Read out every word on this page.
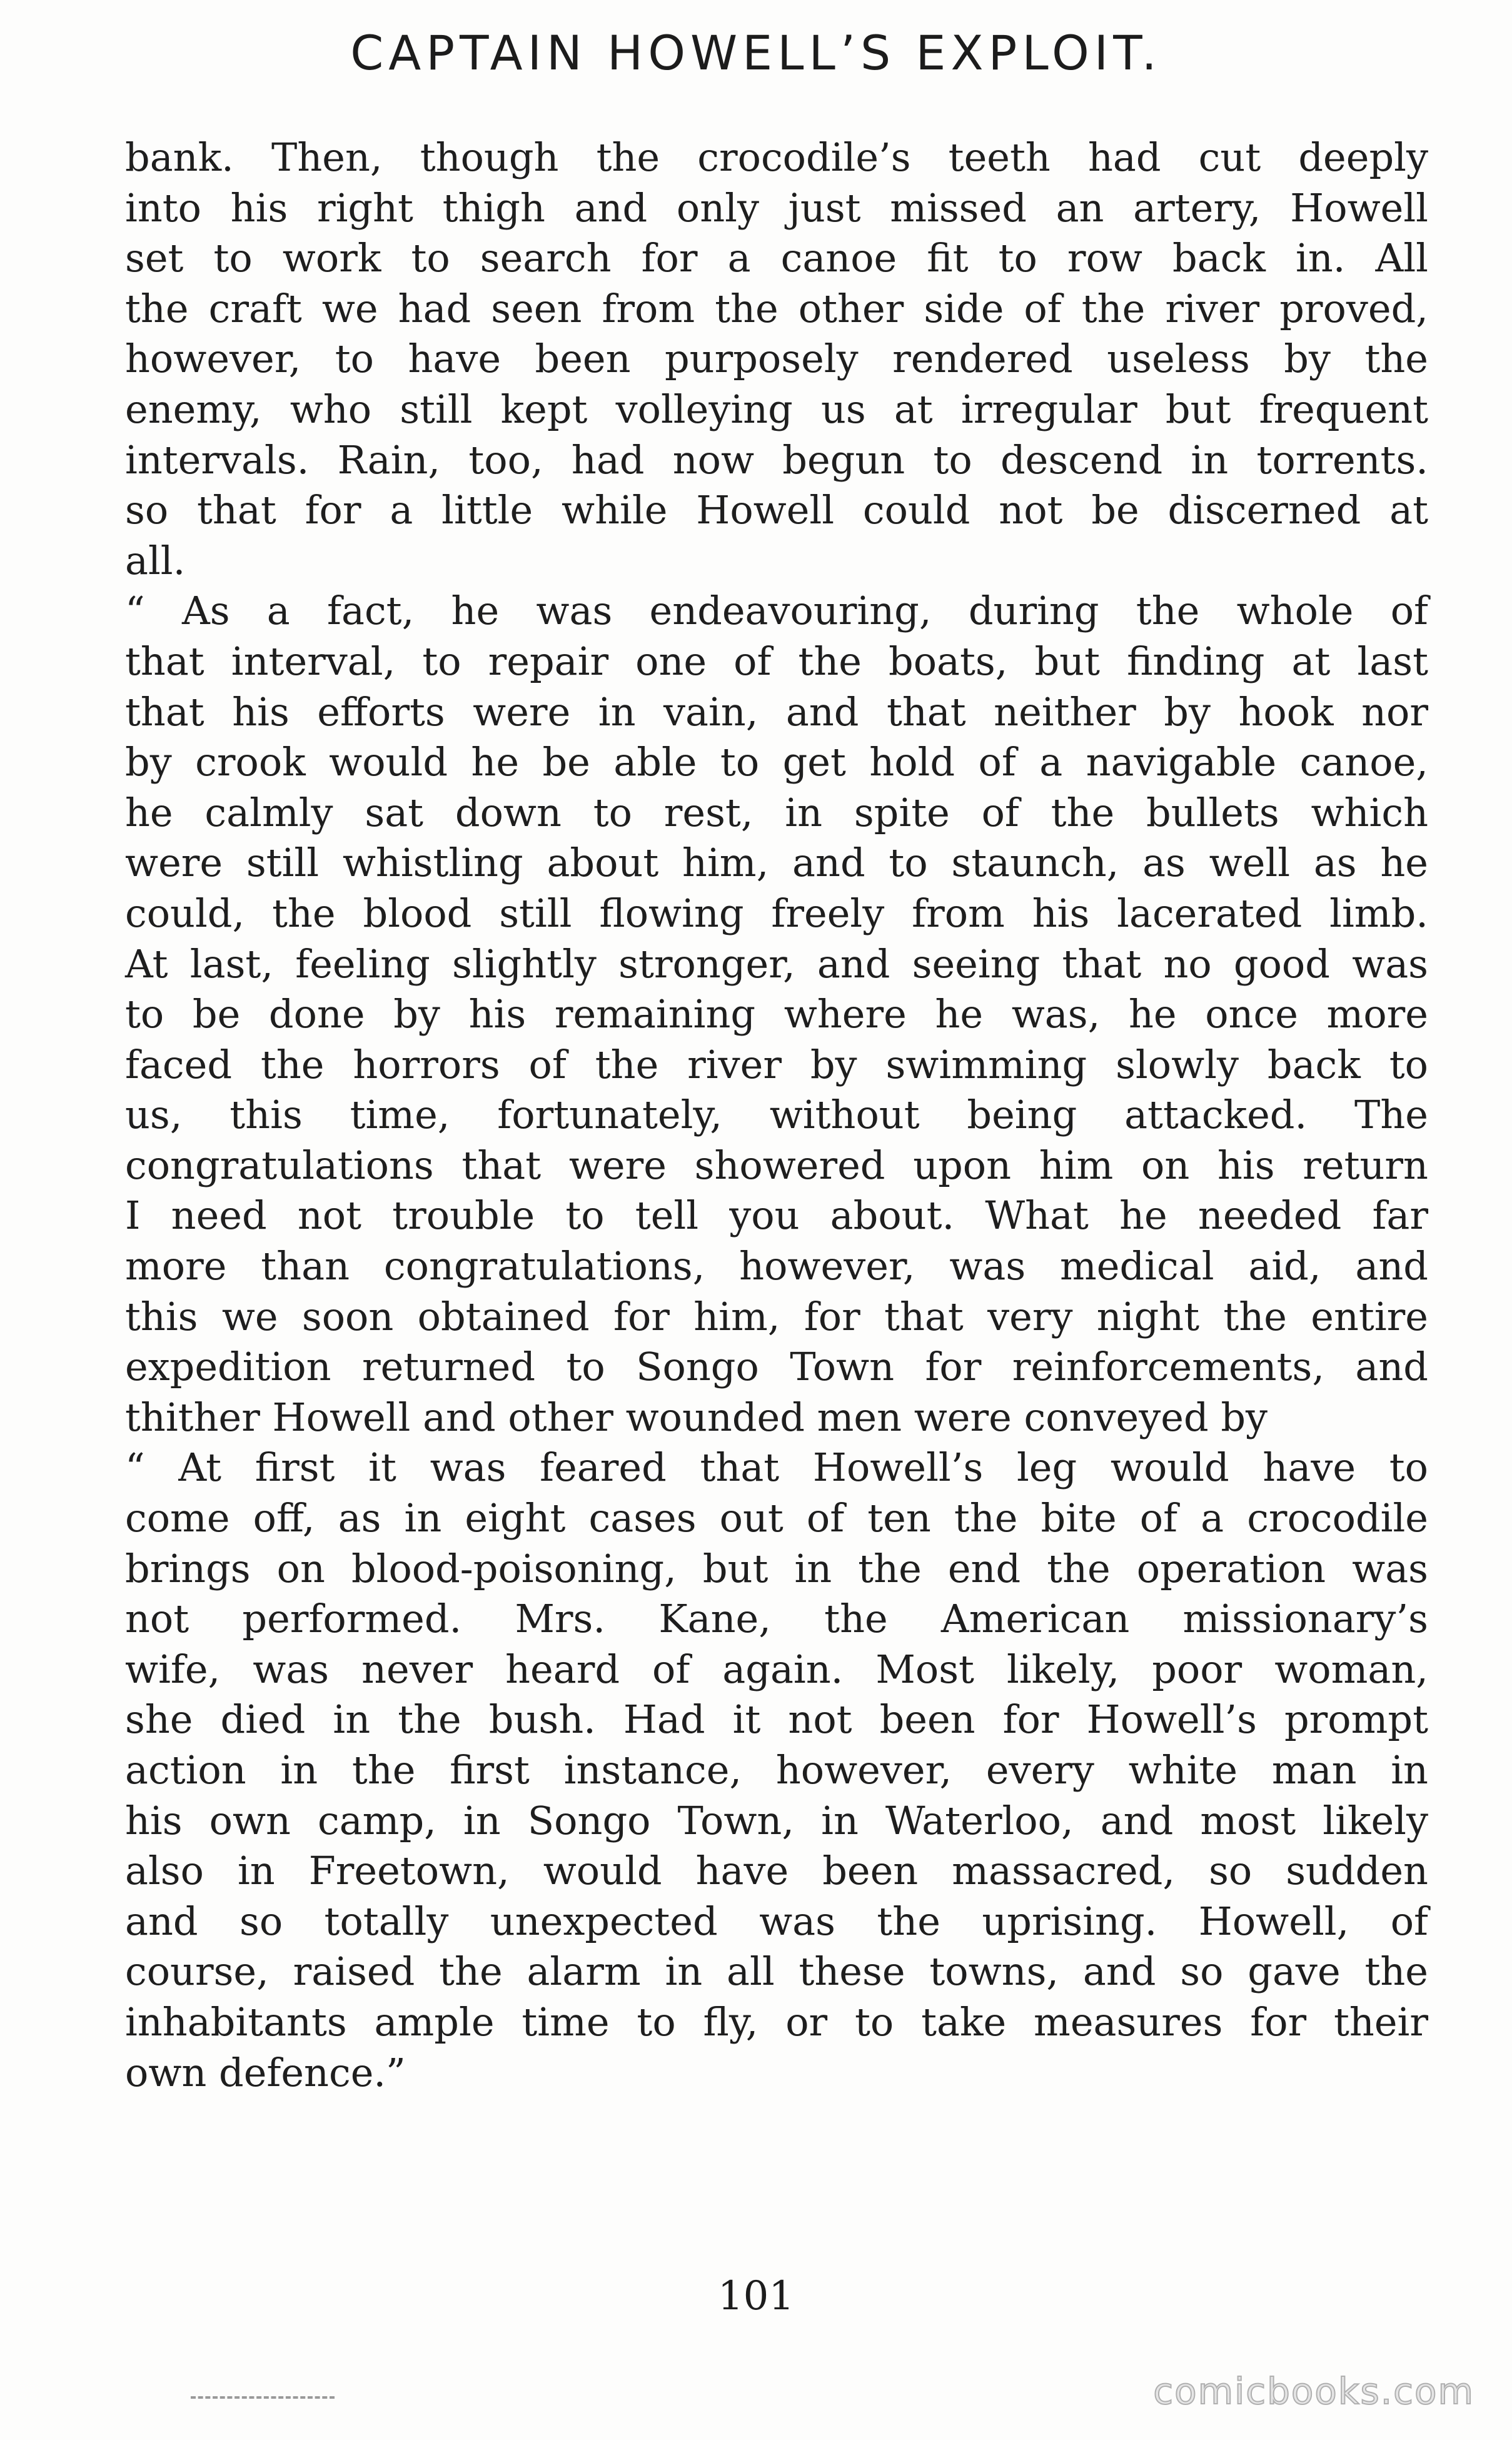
CAPTAIN HOWELL’S EXPLOIT.
bank. Then, though the crocodile’s teeth had cut deeply
into his right thigh and only just missed an artery, Howell
set to work to search for a canoe fit to row back in. All
the craft we had seen from the other side of the river proved,
however, to have been purposely rendered useless by the
enemy, who still kept volleying us at irregular but frequent
intervals. Rain, too, had now begun to descend in torrents.
so that for a little while Howell could not be discerned at
all.
“ As a fact, he was endeavouring, during the whole of
that interval, to repair one of the boats, but finding at last
that his efforts were in vain, and that neither by hook nor
by crook would he be able to get hold of a navigable canoe,
he calmly sat down to rest, in spite of the bullets which
were still whistling about him, and to staunch, as well as he
could, the blood still flowing freely from his lacerated limb.
At last, feeling slightly stronger, and seeing that no good was
to be done by his remaining where he was, he once more
faced the horrors of the river by swimming slowly back to
us, this time, fortunately, without being attacked. The
congratulations that were showered upon him on his return
I need not trouble to tell you about. What he needed far
more than congratulations, however, was medical aid, and
this we soon obtained for him, for that very night the entire
expedition returned to Songo Town for reinforcements, and
thither Howell and other wounded men were conveyed by
“ At first it was feared that Howell’s leg would have to
come off, as in eight cases out of ten the bite of a crocodile
brings on blood-poisoning, but in the end the operation was
not performed. Mrs. Kane, the American missionary’s
wife, was never heard of again. Most likely, poor woman,
she died in the bush. Had it not been for Howell’s prompt
action in the first instance, however, every white man in
his own camp, in Songo Town, in Waterloo, and most likely
also in Freetown, would have been massacred, so sudden
and so totally unexpected was the uprising. Howell, of
course, raised the alarm in all these towns, and so gave the
inhabitants ample time to fly, or to take measures for their
own defence.”
101
comicbooks.com
